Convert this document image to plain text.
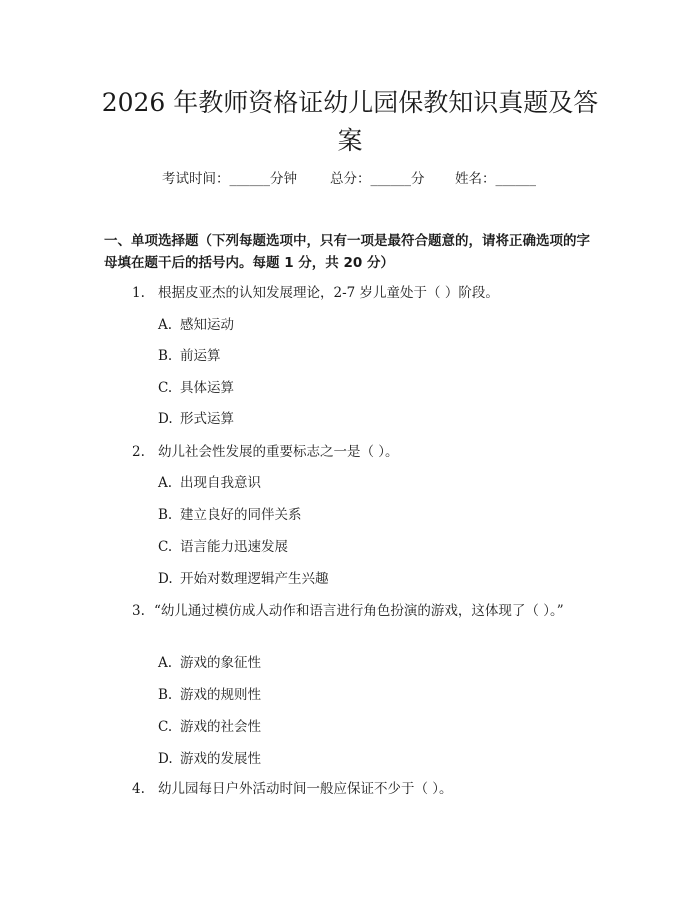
2026 年教师资格证幼儿园保教知识真题及答案
考试时间：______分钟 总分：______分 姓名：______
一、单项选择题（下列每题选项中，只有一项是最符合题意的，请将正确选项的字母填在题干后的括号内。每题 1 分，共 20 分）
1. 根据皮亚杰的认知发展理论，2-7 岁儿童处于（ ）阶段。
A. 感知运动
B. 前运算
C. 具体运算
D. 形式运算
2. 幼儿社会性发展的重要标志之一是（ ）。
A. 出现自我意识
B. 建立良好的同伴关系
C. 语言能力迅速发展
D. 开始对数理逻辑产生兴趣
3. “幼儿通过模仿成人动作和语言进行角色扮演的游戏，这体现了（ ）。”
A. 游戏的象征性
B. 游戏的规则性
C. 游戏的社会性
D. 游戏的发展性
4. 幼儿园每日户外活动时间一般应保证不少于（ ）。
